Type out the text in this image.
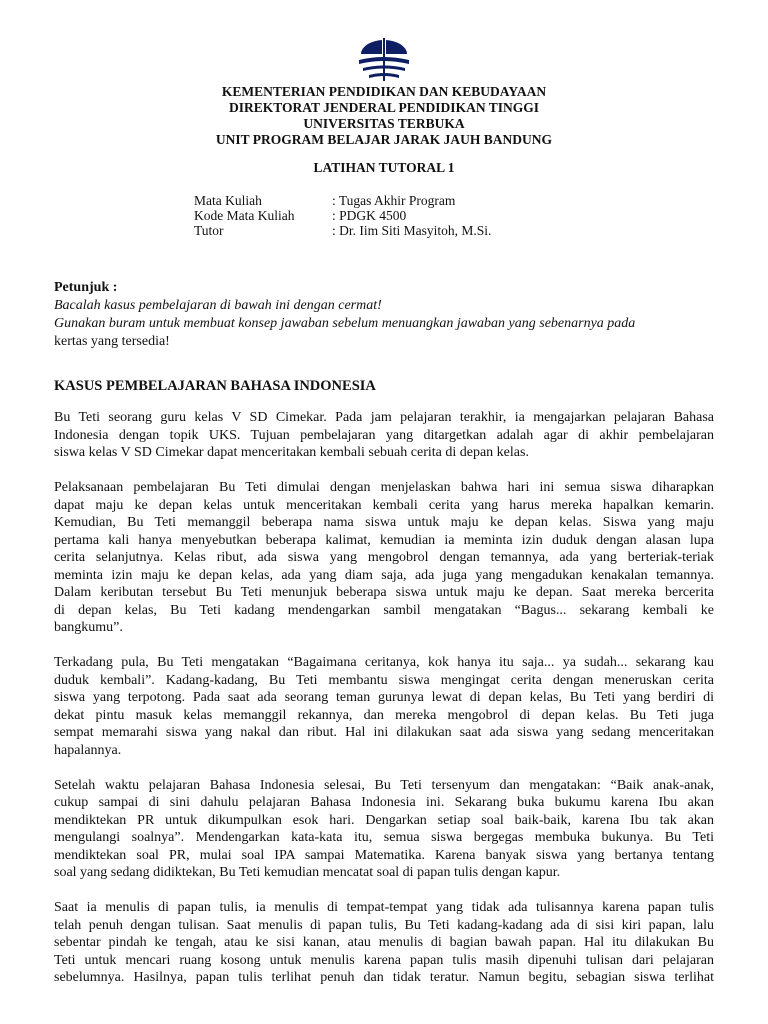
KEMENTERIAN PENDIDIKAN DAN KEBUDAYAAN
DIREKTORAT JENDERAL PENDIDIKAN TINGGI
UNIVERSITAS TERBUKA
UNIT PROGRAM BELAJAR JARAK JAUH BANDUNG
LATIHAN TUTORAL 1
Mata Kuliah	: Tugas Akhir Program
Kode Mata Kuliah	: PDGK 4500
Tutor	: Dr. Iim Siti Masyitoh, M.Si.
Petunjuk :
Bacalah kasus pembelajaran di bawah ini dengan cermat!
Gunakan buram untuk membuat konsep jawaban sebelum menuangkan jawaban yang sebenarnya pada
kertas yang tersedia!
KASUS PEMBELAJARAN BAHASA INDONESIA
Bu Teti seorang guru kelas V SD Cimekar. Pada jam pelajaran terakhir, ia mengajarkan pelajaran Bahasa
Indonesia dengan topik UKS. Tujuan pembelajaran yang ditargetkan adalah agar di akhir pembelajaran
siswa kelas V SD Cimekar dapat menceritakan kembali sebuah cerita di depan kelas.
Pelaksanaan pembelajaran Bu Teti dimulai dengan menjelaskan bahwa hari ini semua siswa diharapkan
dapat maju ke depan kelas untuk menceritakan kembali cerita yang harus mereka hapalkan kemarin.
Kemudian, Bu Teti memanggil beberapa nama siswa untuk maju ke depan kelas. Siswa yang maju
pertama kali hanya menyebutkan beberapa kalimat, kemudian ia meminta izin duduk dengan alasan lupa
cerita selanjutnya. Kelas ribut, ada siswa yang mengobrol dengan temannya, ada yang berteriak-teriak
meminta izin maju ke depan kelas, ada yang diam saja, ada juga yang mengadukan kenakalan temannya.
Dalam keributan tersebut Bu Teti menunjuk beberapa siswa untuk maju ke depan. Saat mereka bercerita
di depan kelas, Bu Teti kadang mendengarkan sambil mengatakan “Bagus... sekarang kembali ke
bangkumu”.
Terkadang pula, Bu Teti mengatakan “Bagaimana ceritanya, kok hanya itu saja... ya sudah... sekarang kau
duduk kembali”. Kadang-kadang, Bu Teti membantu siswa mengingat cerita dengan meneruskan cerita
siswa yang terpotong. Pada saat ada seorang teman gurunya lewat di depan kelas, Bu Teti yang berdiri di
dekat pintu masuk kelas memanggil rekannya, dan mereka mengobrol di depan kelas. Bu Teti juga
sempat memarahi siswa yang nakal dan ribut. Hal ini dilakukan saat ada siswa yang sedang menceritakan
hapalannya.
Setelah waktu pelajaran Bahasa Indonesia selesai, Bu Teti tersenyum dan mengatakan: “Baik anak-anak,
cukup sampai di sini dahulu pelajaran Bahasa Indonesia ini. Sekarang buka bukumu karena Ibu akan
mendiktekan PR untuk dikumpulkan esok hari. Dengarkan setiap soal baik-baik, karena Ibu tak akan
mengulangi soalnya”. Mendengarkan kata-kata itu, semua siswa bergegas membuka bukunya. Bu Teti
mendiktekan soal PR, mulai soal IPA sampai Matematika. Karena banyak siswa yang bertanya tentang
soal yang sedang didiktekan, Bu Teti kemudian mencatat soal di papan tulis dengan kapur.
Saat ia menulis di papan tulis, ia menulis di tempat-tempat yang tidak ada tulisannya karena papan tulis
telah penuh dengan tulisan. Saat menulis di papan tulis, Bu Teti kadang-kadang ada di sisi kiri papan, lalu
sebentar pindah ke tengah, atau ke sisi kanan, atau menulis di bagian bawah papan. Hal itu dilakukan Bu
Teti untuk mencari ruang kosong untuk menulis karena papan tulis masih dipenuhi tulisan dari pelajaran
sebelumnya. Hasilnya, papan tulis terlihat penuh dan tidak teratur. Namun begitu, sebagian siswa terlihat
